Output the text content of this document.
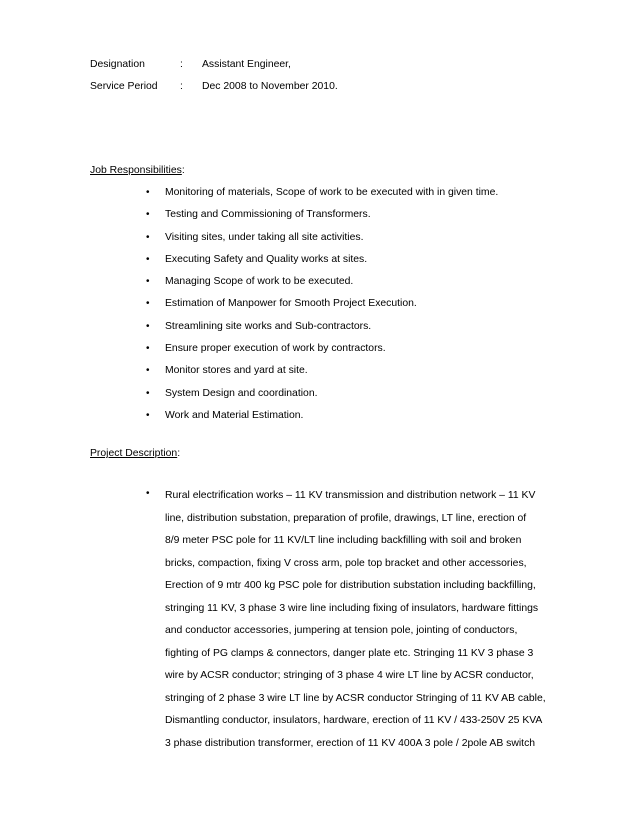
Designation	: Assistant Engineer,
Service Period : Dec 2008 to November 2010.
Job Responsibilities:
• Monitoring of materials, Scope of work to be executed with in given time.
• Testing and Commissioning of Transformers.
• Visiting sites, under taking all site activities.
• Executing Safety and Quality works at sites.
• Managing Scope of work to be executed.
• Estimation of Manpower for Smooth Project Execution.
• Streamlining site works and Sub-contractors.
• Ensure proper execution of work by contractors.
• Monitor stores and yard at site.
• System Design and coordination.
• Work and Material Estimation.
Project Description:
• Rural electrification works – 11 KV transmission and distribution network – 11 KV
line, distribution substation, preparation of profile, drawings, LT line, erection of
8/9 meter PSC pole for 11 KV/LT line including backfilling with soil and broken
bricks, compaction, fixing V cross arm, pole top bracket and other accessories,
Erection of 9 mtr 400 kg PSC pole for distribution substation including backfilling,
stringing 11 KV, 3 phase 3 wire line including fixing of insulators, hardware fittings
and conductor accessories, jumpering at tension pole, jointing of conductors,
fighting of PG clamps & connectors, danger plate etc. Stringing 11 KV 3 phase 3
wire by ACSR conductor; stringing of 3 phase 4 wire LT line by ACSR conductor,
stringing of 2 phase 3 wire LT line by ACSR conductor Stringing of 11 KV AB cable,
Dismantling conductor, insulators, hardware, erection of 11 KV / 433-250V 25 KVA
3 phase distribution transformer, erection of 11 KV 400A 3 pole / 2pole AB switch
